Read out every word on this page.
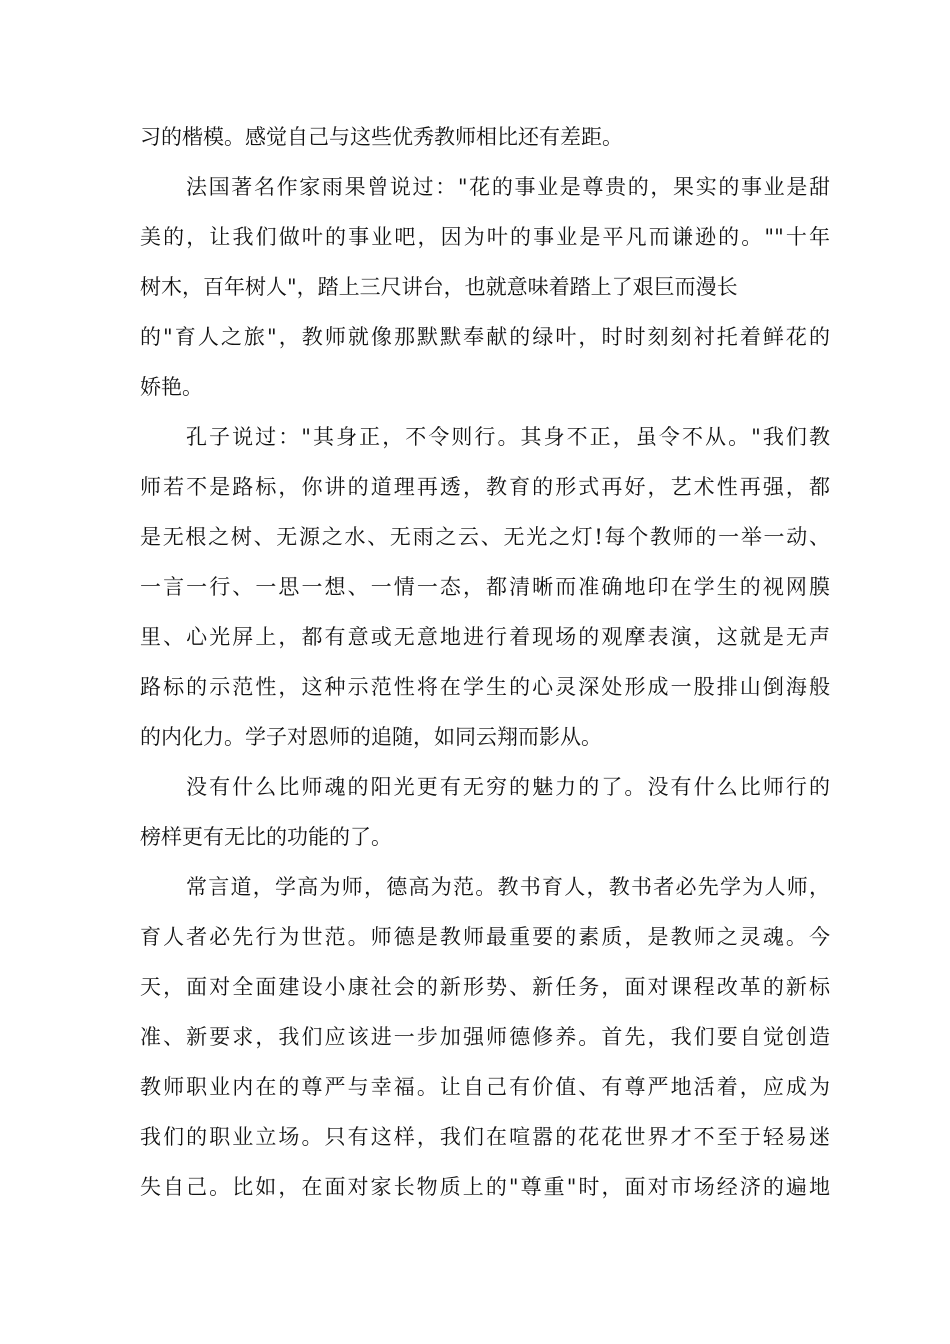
习的楷模。感觉自己与这些优秀教师相比还有差距。
法国著名作家雨果曾说过："花的事业是尊贵的，果实的事业是甜
美的，让我们做叶的事业吧，因为叶的事业是平凡而谦逊的。""十年
树木，百年树人"，踏上三尺讲台，也就意味着踏上了艰巨而漫长
的"育人之旅"，教师就像那默默奉献的绿叶，时时刻刻衬托着鲜花的
娇艳。
孔子说过："其身正，不令则行。其身不正，虽令不从。"我们教
师若不是路标，你讲的道理再透，教育的形式再好，艺术性再强，都
是无根之树、无源之水、无雨之云、无光之灯!每个教师的一举一动、
一言一行、一思一想、一情一态，都清晰而准确地印在学生的视网膜
里、心光屏上，都有意或无意地进行着现场的观摩表演，这就是无声
路标的示范性，这种示范性将在学生的心灵深处形成一股排山倒海般
的内化力。学子对恩师的追随，如同云翔而影从。
没有什么比师魂的阳光更有无穷的魅力的了。没有什么比师行的
榜样更有无比的功能的了。
常言道，学高为师，德高为范。教书育人，教书者必先学为人师，
育人者必先行为世范。师德是教师最重要的素质，是教师之灵魂。今
天，面对全面建设小康社会的新形势、新任务，面对课程改革的新标
准、新要求，我们应该进一步加强师德修养。首先，我们要自觉创造
教师职业内在的尊严与幸福。让自己有价值、有尊严地活着，应成为
我们的职业立场。只有这样，我们在喧嚣的花花世界才不至于轻易迷
失自己。比如，在面对家长物质上的"尊重"时，面对市场经济的遍地
